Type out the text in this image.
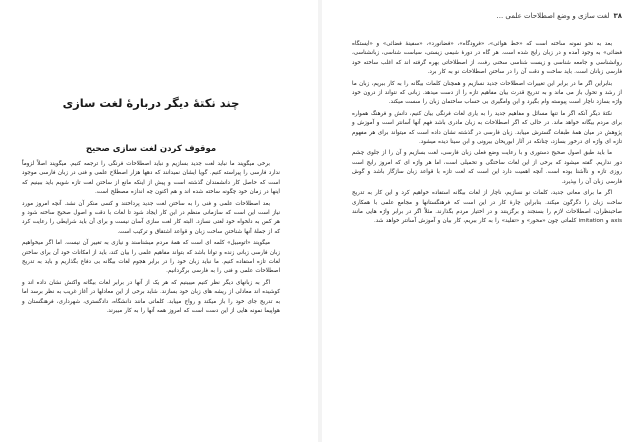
چند نکتهٔ دیگر دربارهٔ لغت سازی
موقوف کردن لغت سازی صحیح

برخی میگویند ما نباید لغت جدید بسازیم و نباید اصطلاحات فرنگی را ترجمه کنیم. میگویند اصلاً لزوماً ندارد فارسی را پیراسته کنیم. گویا ایشان نمیدانند که دهها هزار اصطلاح علمی و فنی در زبان فارسی موجود است که حاصل کار دانشمندان گذشته است و پیش از اینکه مانع از ساختن لغت تازه شویم باید ببینیم که اینها در زمان خود چگونه ساخته شده اند و هم اکنون چه اندازه مصطلح است.

بعد اصطلاحات علمی و فنی را به ساختن لغت جدید پرداختند و کسی منکر آن نشد. آنچه امروز مورد نیاز است این است که سازمانی منظم در این کار ایجاد شود تا لغات با دقت و اصول صحیح ساخته شود و هر کس به دلخواه خود لغتی نسازد. البته کار لغت سازی آسان نیست و برای آن باید شرایطی را رعایت کرد که از جملهٔ آنها شناختن ساخت زبان و قواعد اشتقاق و ترکیب است.

میگویند «اتومبیل» کلمه ای است که همهٔ مردم میشناسند و نیازی به تغییر آن نیست. اما اگر میخواهیم زبان فارسی زبانی زنده و توانا باشد که بتواند مفاهیم علمی را بیان کند، باید از امکانات خود آن برای ساختن لغات تازه استفاده کنیم. ما نباید زبان خود را در برابر هجوم لغات بیگانه بی دفاع بگذاریم و باید به تدریج اصطلاحات علمی و فنی را به فارسی برگردانیم.

اگر به زبانهای دیگر نظر کنیم میبینیم که هر یک از آنها در برابر لغات بیگانه واکنش نشان داده اند و کوشیده اند معادلی از ریشه های زبان خود بسازند. شاید برخی از این معادلها در آغاز غریب به نظر برسد اما به تدریج جای خود را باز میکند و رواج مییابد. کلماتی مانند دانشگاه، دادگستری، شهرداری، فرهنگستان و هواپیما نمونه هایی از این دست است که امروز همه آنها را به کار میبرند.

۳۸
لغت سازی و وضع اصطلاحات علمی ...

بعد به نحو نمونه ساخته است که «خط هوائی»، «فرودگاه»، «فضانورد»، «سفینهٔ فضائی» و «ایستگاه فضائی» به وجود آمده و در زبان رایج شده است. هر گاه در دورهٔ شیمی زیستی، سیاست شناسی، زبانشناسی، روانشناسی و جامعه شناسی و زیست شناسی سخنی رفت، از اصطلاحاتی بهره گرفته اند که اغلب ساخته خود فارسی زبانان است. باید ساخت و دقت آن را در ساختن اصطلاحات نو به کار برد.

بنابراین اگر ما در برابر این تغییرات اصطلاحات جدید نسازیم و همچنان کلمات بیگانه را به کار ببریم، زبان ما از رشد و تحول باز می ماند و به تدریج قدرت بیان مفاهیم تازه را از دست میدهد. زبانی که نتواند از درون خود واژه بسازد ناچار است پیوسته وام بگیرد و این وامگیری بی حساب ساختمان زبان را سست میکند.

نکتهٔ دیگر آنکه اگر ما تنها مسائل و مفاهیم جدید را به یاری لغات فرنگی بیان کنیم، دانش و فرهنگ همواره برای مردم بیگانه خواهد ماند. در حالی که اگر اصطلاحات به زبان مادری باشد فهم آنها آسانتر است و آموزش و پژوهش در میان همهٔ طبقات گسترش مییابد. زبان فارسی در گذشته نشان داده است که میتواند برای هر مفهوم تازه ای واژه ای درخور بسازد، چنانکه در آثار ابوریحان بیرونی و ابن سینا دیده میشود.

ما باید طبق اصول صحیح دستوری و با رعایت وضع فعلی زبان فارسی، لغت بسازیم و آن را از جلوی چشم دور نداریم. گفته میشود که برخی از این لغات ساختگی و تحمیلی است، اما هر واژه ای که امروز رایج است روزی تازه و ناآشنا بوده است. آنچه اهمیت دارد این است که لغت تازه با قواعد زبان سازگار باشد و گوش فارسی زبان آن را بپذیرد.

اگر ما برای معانی جدید، کلمات نو نسازیم، ناچار از لغات بیگانه استفاده خواهیم کرد و این کار به تدریج ساخت زبان را دگرگون میکند. بنابراین چارهٔ کار در این است که فرهنگستانها و مجامع علمی با همکاری صاحبنظران، اصطلاحات لازم را بسنجند و برگزینند و در اختیار مردم بگذارند. مثلاً اگر در برابر واژه هایی مانند axis و imitation کلماتی چون «محور» و «تقلید» را به کار ببریم، کار بیان و آموزش آسانتر خواهد شد.
